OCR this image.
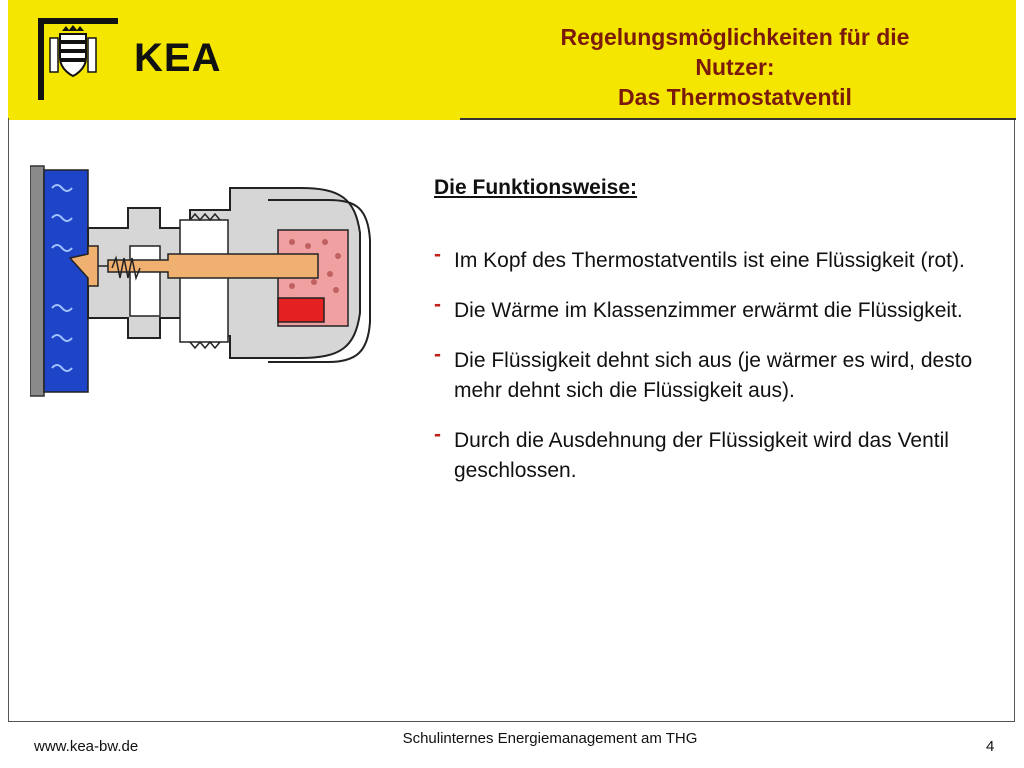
KEA	Regelungsmöglichkeiten für die
Nutzer:
Das Thermostatventil
Die Funktionsweise:
- Im Kopf des Thermostatventils ist eine Flüssigkeit (rot).
- Die Wärme im Klassenzimmer erwärmt die Flüssigkeit.
- Die Flüssigkeit dehnt sich aus (je wärmer es wird, desto mehr dehnt sich die Flüssigkeit aus).
- Durch die Ausdehnung der Flüssigkeit wird das Ventil geschlossen.
www.kea-bw.de	Schulinternes Energiemanagement am THG	4
